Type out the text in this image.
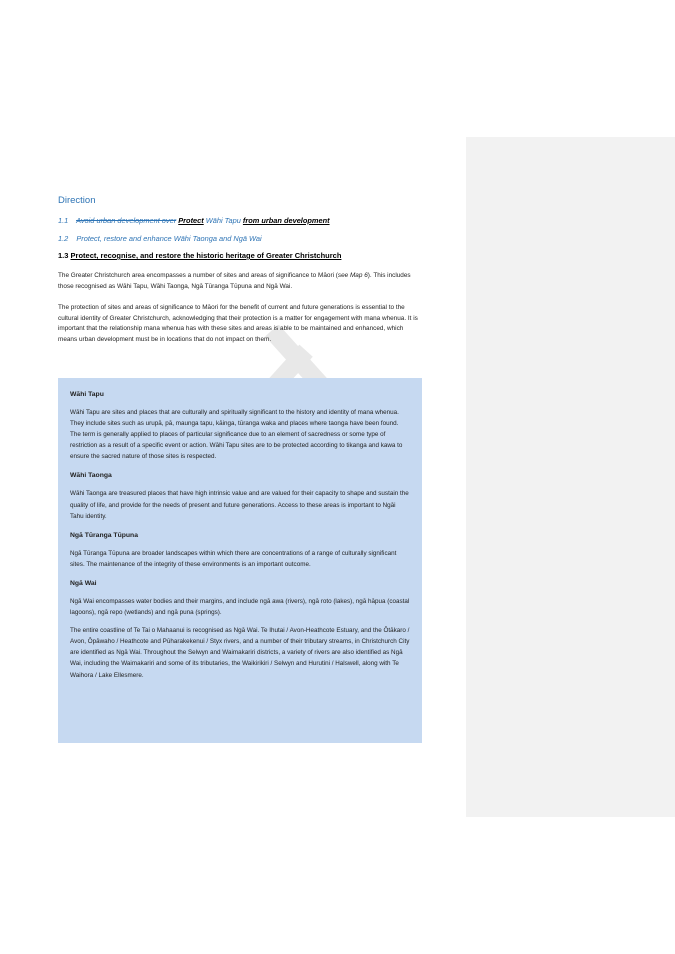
Direction
1.1 Avoid urban development over Protect Wāhi Tapu from urban development
1.2 Protect, restore and enhance Wāhi Taonga and Ngā Wai
1.3 Protect, recognise, and restore the historic heritage of Greater Christchurch

The Greater Christchurch area encompasses a number of sites and areas of significance to Māori (see Map 6). This includes those recognised as Wāhi Tapu, Wāhi Taonga, Ngā Tūranga Tūpuna and Ngā Wai.

The protection of sites and areas of significance to Māori for the benefit of current and future generations is essential to the cultural identity of Greater Christchurch, acknowledging that their protection is a matter for engagement with mana whenua. It is important that the relationship mana whenua has with these sites and areas is able to be maintained and enhanced, which means urban development must be in locations that do not impact on them.

Wāhi Tapu

Wāhi Tapu are sites and places that are culturally and spiritually significant to the history and identity of mana whenua. They include sites such as urupā, pā, maunga tapu, kāinga, tūranga waka and places where taonga have been found. The term is generally applied to places of particular significance due to an element of sacredness or some type of restriction as a result of a specific event or action. Wāhi Tapu sites are to be protected according to tikanga and kawa to ensure the sacred nature of those sites is respected.

Wāhi Taonga

Wāhi Taonga are treasured places that have high intrinsic value and are valued for their capacity to shape and sustain the quality of life, and provide for the needs of present and future generations. Access to these areas is important to Ngāi Tahu identity.

Ngā Tūranga Tūpuna

Ngā Tūranga Tūpuna are broader landscapes within which there are concentrations of a range of culturally significant sites. The maintenance of the integrity of these environments is an important outcome.

Ngā Wai

Ngā Wai encompasses water bodies and their margins, and include ngā awa (rivers), ngā roto (lakes), ngā hāpua (coastal lagoons), ngā repo (wetlands) and ngā puna (springs).

The entire coastline of Te Tai o Mahaanui is recognised as Ngā Wai. Te Ihutai / Avon-Heathcote Estuary, and the Ōtākaro / Avon, Ōpāwaho / Heathcote and Pūharakekenui / Styx rivers, and a number of their tributary streams, in Christchurch City are identified as Ngā Wai. Throughout the Selwyn and Waimakariri districts, a variety of rivers are also identified as Ngā Wai, including the Waimakariri and some of its tributaries, the Waikirikiri / Selwyn and Hurutini / Halswell, along with Te Waihora / Lake Ellesmere.
